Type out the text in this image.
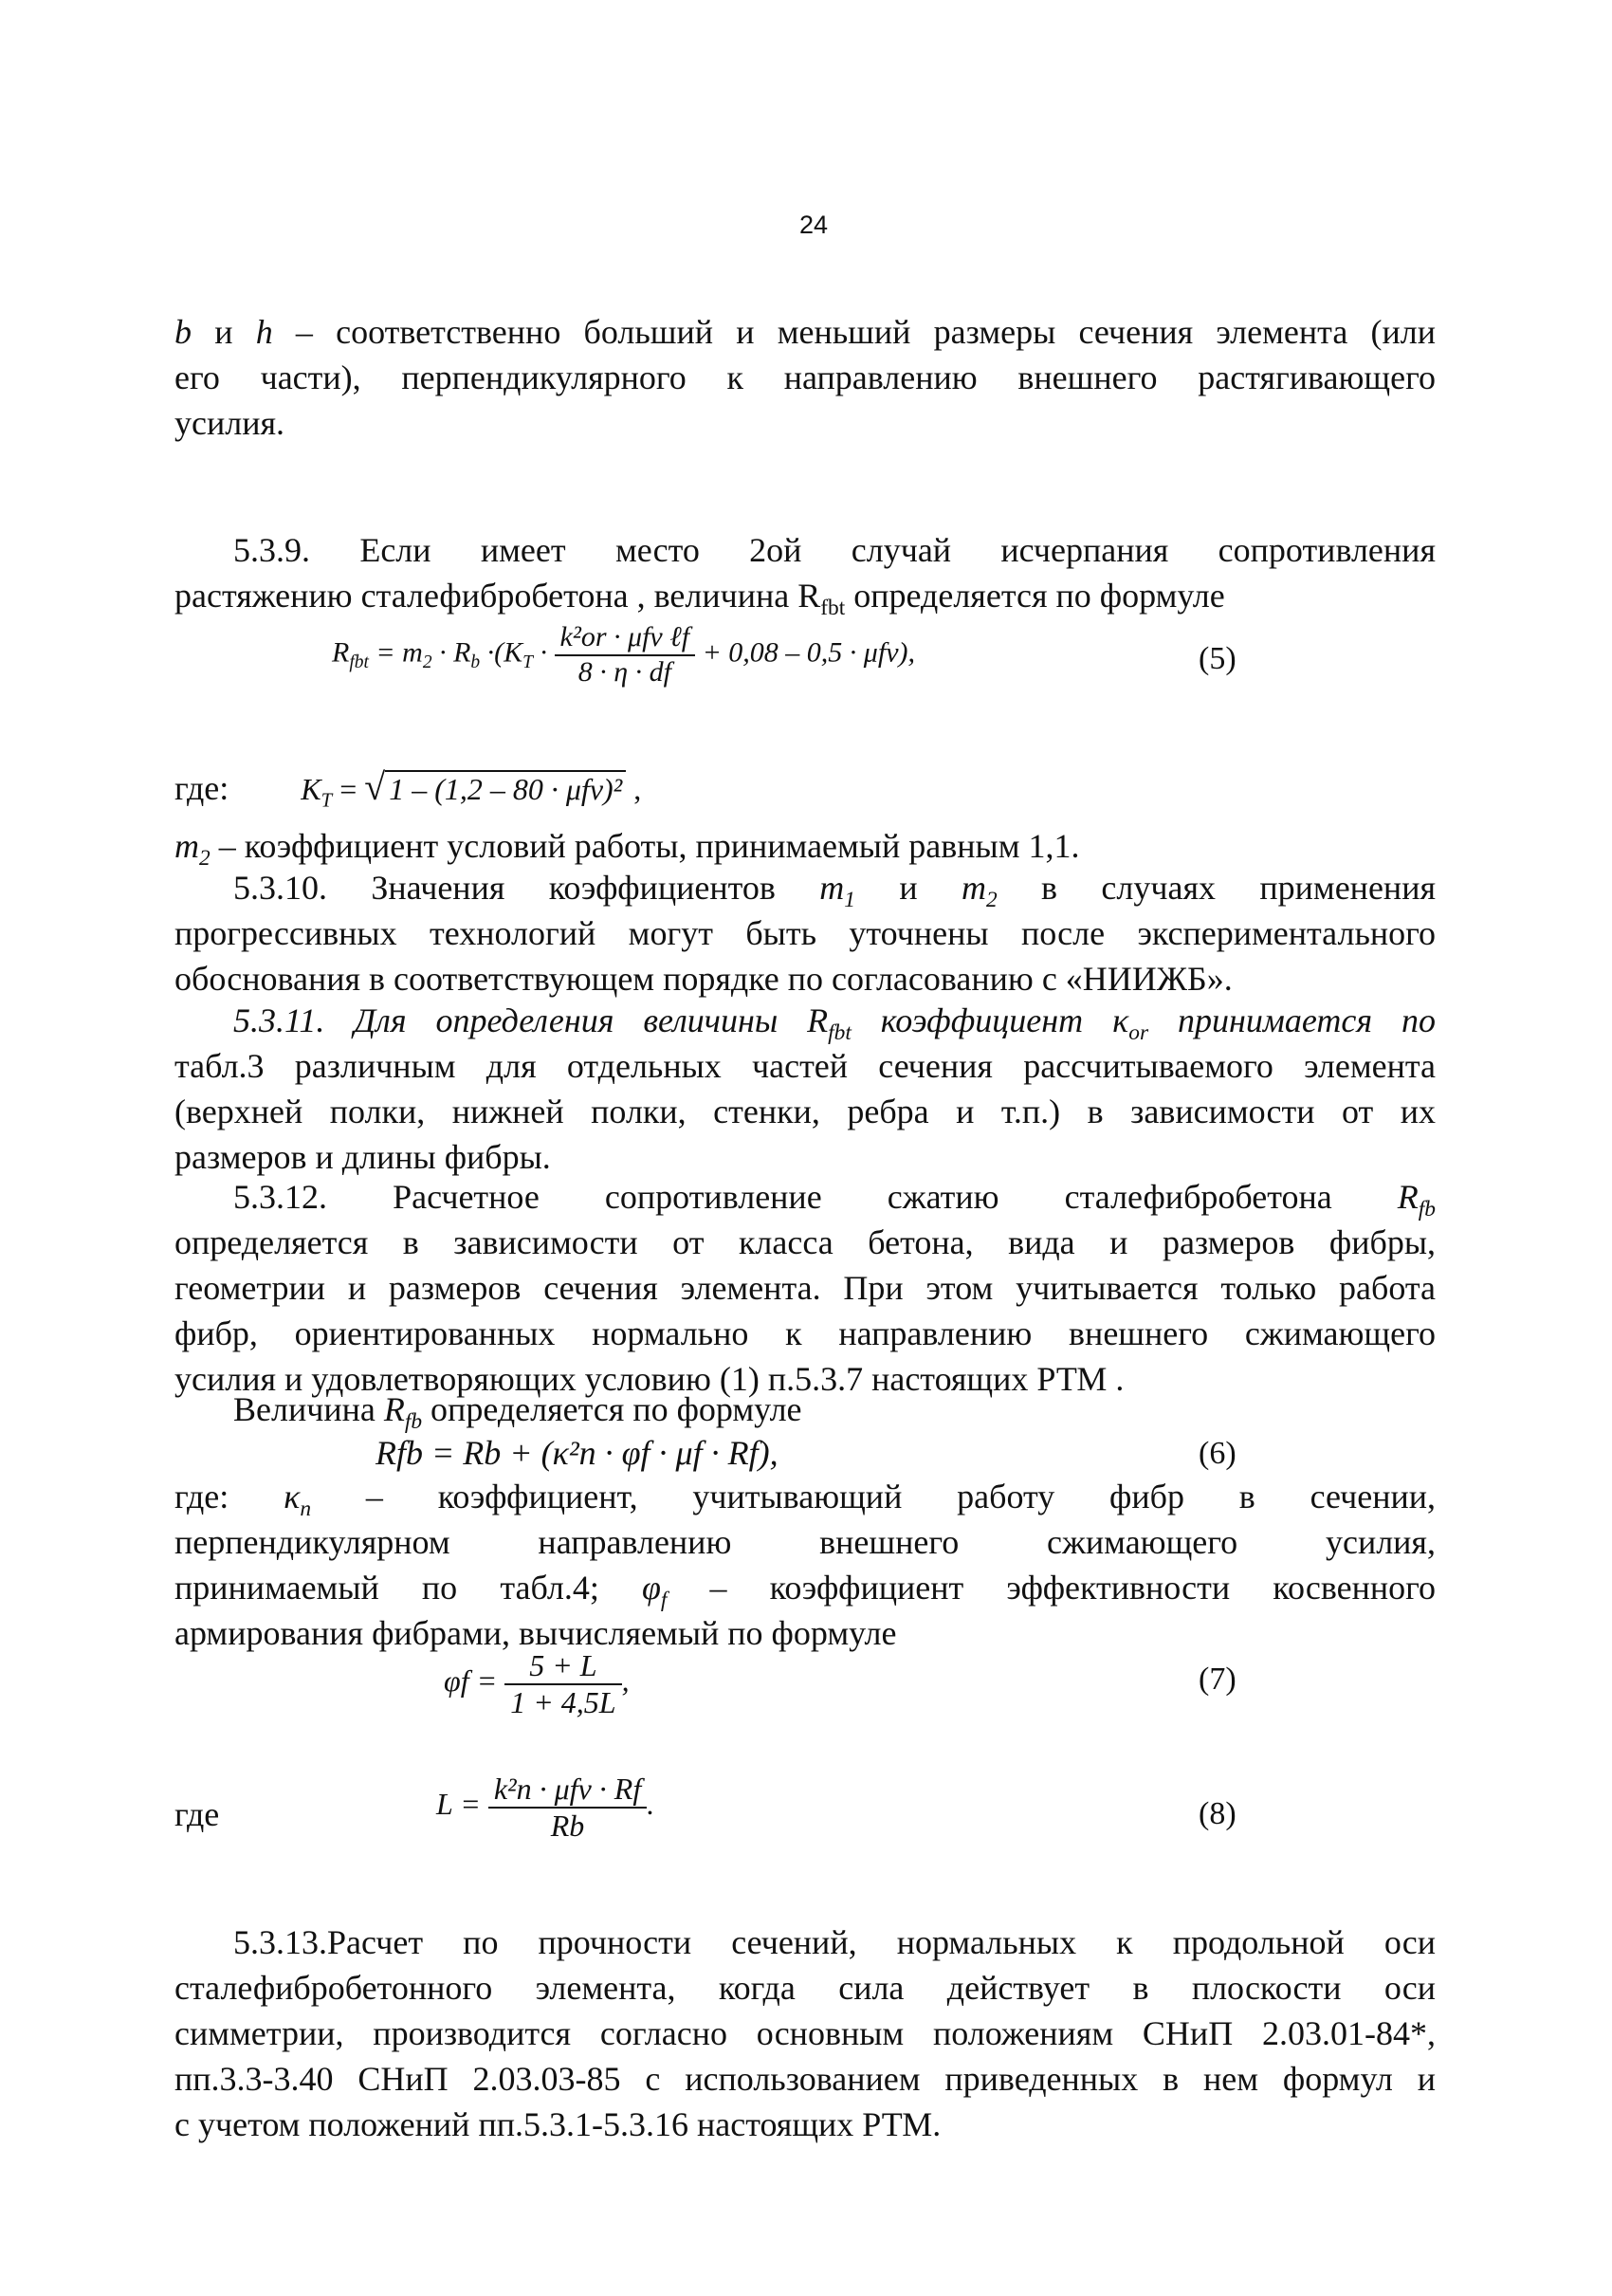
24
b и h – соответственно больший и меньший размеры сечения элемента (или
его части), перпендикулярного к направлению внешнего растягивающего
усилия.
5.3.9. Если имеет место 2ой случай исчерпания сопротивления
растяжению сталефибробетона , величина $R_{fbt}$ определяется по формуле
$R_{fbt} = m_2 \cdot R_b \cdot(K_T \cdot \frac{\text{k²or · μfv ℓf}}{8 \cdot \eta \cdot df} + 0,08 - 0,5 \cdot \mu fv)$,	(5)
где: $K_T$ = √ 1 – (1,2 – 80 · μfv)² ,
$m_2$ – коэффициент условий работы, принимаемый равным 1,1.
5.3.10. Значения коэффициентов $m_1$ и $m_2$ в случаях применения
прогрессивных технологий могут быть уточнены после экспериментального
обоснования в соответствующем порядке по согласованию с «НИИЖБ».
5.3.11. Для определения величины $R_{fbt}$ коэффициент $\kappa_{or}$ принимается по
табл.3 различным для отдельных частей сечения рассчитываемого элемента
(верхней полки, нижней полки, стенки, ребра и т.п.) в зависимости от их
размеров и длины фибры.
5.3.12. Расчетное сопротивление сжатию сталефибробетона $R_{fb}$
определяется в зависимости от класса бетона, вида и размеров фибры,
геометрии и размеров сечения элемента. При этом учитывается только работа
фибр, ориентированных нормально к направлению внешнего сжимающего
усилия и удовлетворяющих условию (1) п.5.3.7 настоящих РТМ .
Величина $R_{fb}$ определяется по формуле
Rfb = Rb + (κ²n · φf · μf · Rf),	(6)
где: $\kappa_n$ – коэффициент, учитывающий работу фибр в сечении,
перпендикулярном направлению внешнего сжимающего усилия,
принимаемый по табл.4; $\varphi_f$ – коэффициент эффективности косвенного
армирования фибрами, вычисляемый по формуле
$\varphi f = \frac{5 + L}{1 + 4,5L}$ ,	(7)
где	$L = \frac{\text{k²n · μfv · Rf}}{Rb}$ .	(8)
5.3.13.Расчет по прочности сечений, нормальных к продольной оси
сталефибробетонного элемента, когда сила действует в плоскости оси
симметрии, производится согласно основным положениям СНиП 2.03.01-84*,
пп.3.3-3.40 СНиП 2.03.03-85 с использованием приведенных в нем формул и
с учетом положений пп.5.3.1-5.3.16 настоящих РТМ.
